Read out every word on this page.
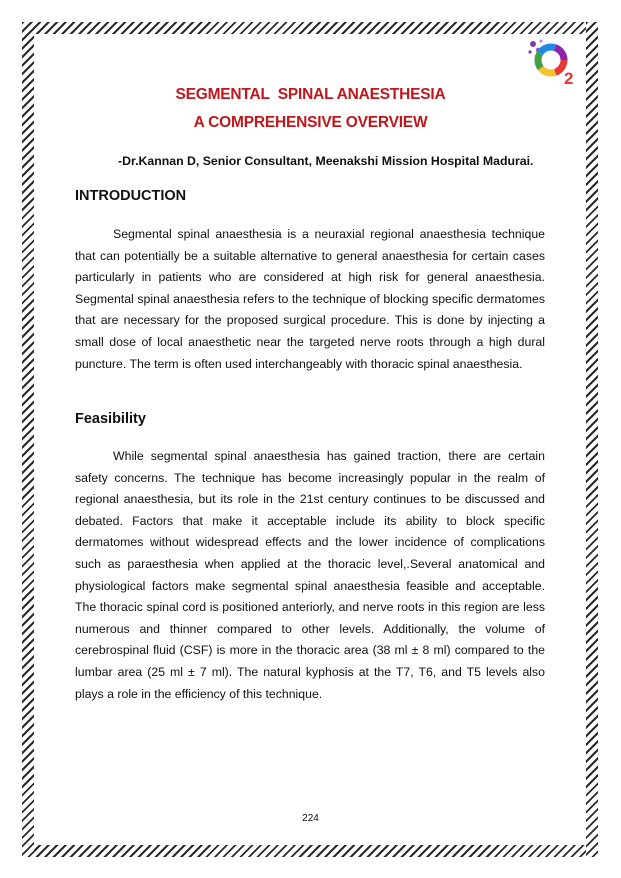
2
SEGMENTAL  SPINAL ANAESTHESIA
A COMPREHENSIVE OVERVIEW
-Dr.Kannan D, Senior Consultant, Meenakshi Mission Hospital Madurai.
INTRODUCTION
Segmental spinal anaesthesia is a neuraxial regional anaesthesia technique that can potentially be a suitable alternative to general anaesthesia for certain cases particularly in patients who are considered at high risk for general anaesthesia. Segmental spinal anaesthesia refers to the technique of blocking specific dermatomes that are necessary for the proposed surgical procedure. This is done by injecting a small dose of local anaesthetic near the targeted nerve roots through a high dural puncture. The term is often used interchangeably with thoracic spinal anaesthesia.
Feasibility
While segmental spinal anaesthesia has gained traction, there are certain safety concerns. The technique has become increasingly popular in the realm of regional anaesthesia, but its role in the 21st century continues to be discussed and debated. Factors that make it acceptable include its ability to block specific dermatomes without widespread effects and the lower incidence of complications such as paraesthesia when applied at the thoracic level,.Several anatomical and physiological factors make segmental spinal anaesthesia feasible and acceptable. The thoracic spinal cord is positioned anteriorly, and nerve roots in this region are less numerous and thinner compared to other levels. Additionally, the volume of cerebrospinal fluid (CSF) is more in the thoracic area (38 ml ± 8 ml) compared to the lumbar area (25 ml ± 7 ml). The natural kyphosis at the T7, T6, and T5 levels also plays a role in the efficiency of this technique.
224
